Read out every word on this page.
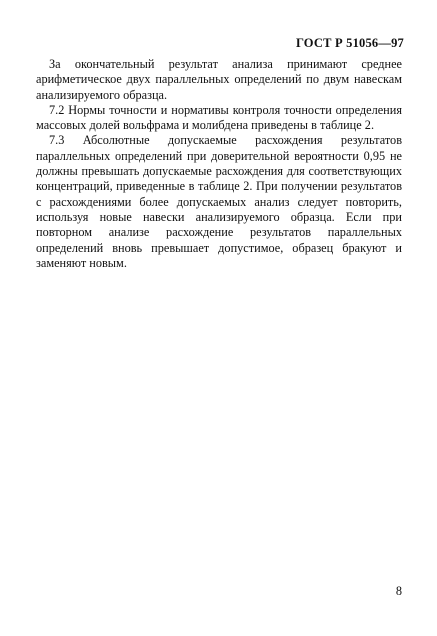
ГОСТ Р 51056—97

За окончательный результат анализа принимают среднее арифметическое двух параллельных определений по двум навескам анализируемого образца.

7.2 Нормы точности и нормативы контроля точности определения массовых долей вольфрама и молибдена приведены в таблице 2.

7.3 Абсолютные допускаемые расхождения результатов параллельных определений при доверительной вероятности 0,95 не должны превышать допускаемые расхождения для соответствующих концентраций, приведенные в таблице 2. При получении результатов с расхождениями более допускаемых анализ следует повторить, используя новые навески анализируемого образца. Если при повторном анализе расхождение результатов параллельных определений вновь превышает допустимое, образец бракуют и заменяют новым.

8
